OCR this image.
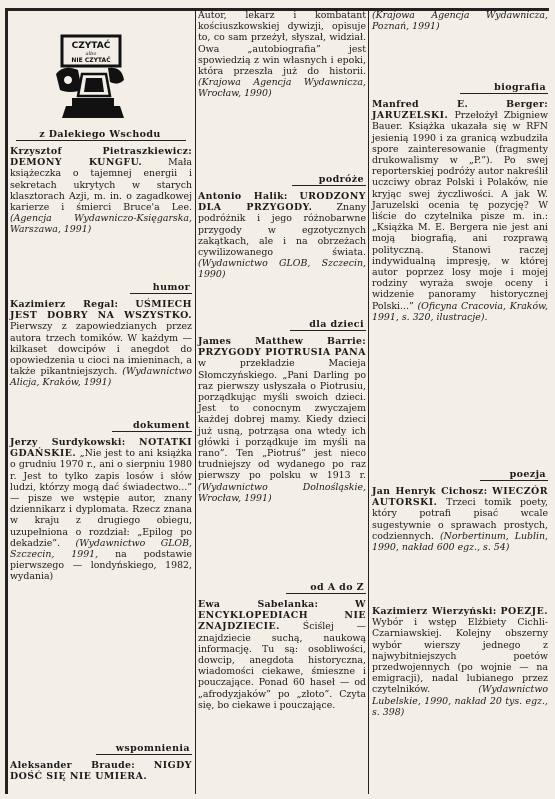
CZYTAĆ
albo
NIE CZYTAĆ
z Dalekiego Wschodu
Krzysztof Pietraszkiewicz: DEMONY KUNGFU.	Mała książeczka o tajemnej energii i sekretach ukrytych w starych klasztorach Azji, m. in. o zagadkowej karierze i śmierci Bruce'a Lee. (Agencja Wydawniczo-Księgarska, Warszawa, 1991)
humor
Kazimierz Regal: UŚMIECH JEST DOBRY NA WSZYSTKO. Pierwszy z zapowiedzianych przez autora trzech tomików. W każdym — kilkaset dowcipów i anegdot do opowiedzenia u cioci na imieninach, a także pikantniejszych. (Wydawnictwo Alicja, Kraków, 1991)
dokument
Jerzy Surdykowski: NOTATKI GDAŃSKIE. „Nie jest to ani książka o grudniu 1970 r., ani o sierpniu 1980 r. Jest to tylko zapis losów i słów ludzi, którzy mogą dać świadectwo...” — pisze we wstępie autor, znany dziennikarz i dyplomata. Rzecz znana w kraju z drugiego obiegu, uzupełniona o rozdział: „Epilog po dekadzie”. (Wydawnictwo GLOB, Szczecin, 1991, na podstawie pierwszego — londyńskiego, 1982, wydania)
wspomnienia
Aleksander Braude: NIGDY DOŚĆ SIĘ NIE UMIERA.
Autor, lekarz i kombatant kościuszkowskiej dywizji, opisuje to, co sam przeżył, słyszał, widział. Owa „autobiografia” jest spowiedzią z win własnych i epoki, która przeszła już do historii. (Krajowa Agencja Wydawnicza, Wrocław, 1990)
podróże
Antonio Halik: URODZONY DLA PRZYGODY.	Znany podróżnik i jego różnobarwne przygody w egzotycznych zakątkach, ale i na obrzeżach cywilizowanego świata. (Wydawnictwo GLOB, Szczecin, 1990)
dla dzieci
James Matthew Barrie: PRZYGODY PIOTRUSIA PANA w przekładzie Macieja Słomczyńskiego. „Pani Darling po raz pierwszy usłyszała o Piotrusiu, porządkując myśli swoich dzieci. Jest to conocnym zwyczajem każdej dobrej mamy. Kiedy dzieci już usną, potrząsa ona wtedy ich główki i porządkuje im myśli na rano”. Ten „Piotruś” jest nieco trudniejszy od wydanego po raz pierwszy po polsku w 1913 r. (Wydawnictwo Dolnośląskie, Wrocław, 1991)
od A do Z
Ewa Sabelanka:	W ENCYKLOPEDIACH NIE ZNAJDZIECIE. Ściślej — znajdziecie suchą, naukową informację. Tu są: osobliwości, dowcip, anegdota historyczna, wiadomości ciekawe, śmieszne i pouczające. Ponad 60 haseł — od „afrodyzjaków” po „złoto”. Czyta się, bo ciekawe i pouczające.
(Krajowa Agencja Wydawnicza, Poznań, 1991)
biografia
Manfred E. Berger: JARUZELSKI. Przełożył Zbigniew Bauer. Książka ukazała się w RFN jesienią 1990 i za granicą wzbudziła spore zainteresowanie (fragmenty drukowalismy w „P.”). Po swej reporterskiej podróży autor nakreślił uczciwy obraz Polski i Polaków, nie kryjąc swej życzliwości. A jak W. Jaruzelski ocenia tę pozycję? W liście do czytelnika pisze m. in.: „Książka M. E. Bergera nie jest ani moją biografią, ani rozprawą polityczną. Stanowi raczej indywidualną impresję, w której autor poprzez losy moje i mojej rodziny wyraża swoje oceny i widzenie panoramy historycznej Polski...” (Oficyna Cracovia, Kraków, 1991, s. 320, ilustracje).
poezja
Jan Henryk Cichosz: WIECZÓR AUTORSKI. Trzeci tomik poety, który potrafi pisać wcale sugestywnie o sprawach prostych, codziennych. (Norbertinum, Lublin, 1990, nakład 600 egz., s. 54)
Kazimierz Wierzyński: POEZJE. Wybór i wstęp Elżbiety Cichli-Czarniawskiej. Kolejny obszerny wybór wierszy jednego z najwybitniejszych poetów przedwojennych (po wojnie — na emigracji), nadal lubianego przez czytelników.	(Wydawnictwo Lubelskie, 1990, nakład 20 tys. egz., s. 398)
